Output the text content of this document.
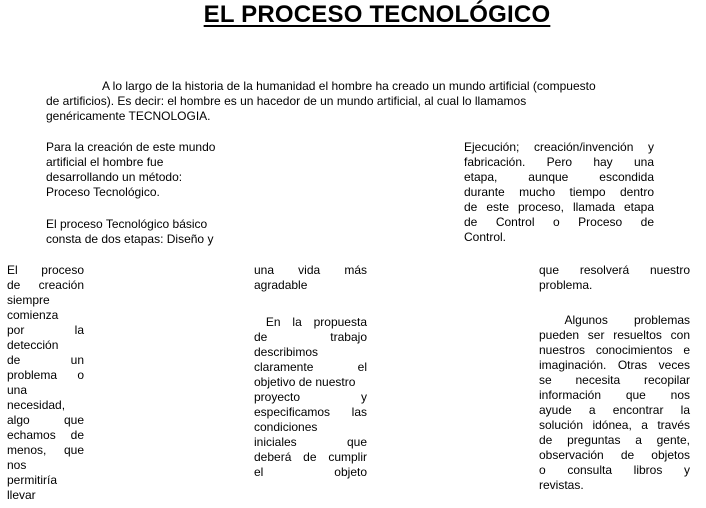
EL PROCESO TECNOLÓGICO
A lo largo de la historia de la humanidad el hombre ha creado un mundo artificial (compuesto
de artificios). Es decir: el hombre es un hacedor de un mundo artificial, al cual lo llamamos
genéricamente TECNOLOGIA.
Para la creación de este mundo
artificial el hombre fue
desarrollando un método:
Proceso Tecnológico.
El proceso Tecnológico básico
consta de dos etapas: Diseño y
Ejecución; creación/invención y
fabricación. Pero hay una
etapa, aunque escondida
durante mucho tiempo dentro
de este proceso, llamada etapa
de Control o Proceso de
Control.
El proceso
de creación
siempre
comienza
por la
detección
de un
problema o
una
necesidad,
algo que
echamos de
menos, que
nos
permitiría
llevar
una vida más
agradable
En la propuesta
de trabajo
describimos
claramente el
objetivo de nuestro
proyecto y
especificamos las
condiciones
iniciales que
deberá de cumplir
el objeto
que resolverá nuestro
problema.
Algunos problemas
pueden ser resueltos con
nuestros conocimientos e
imaginación. Otras veces
se necesita recopilar
información que nos
ayude a encontrar la
solución idónea, a través
de preguntas a gente,
observación de objetos
o consulta libros y
revistas.
